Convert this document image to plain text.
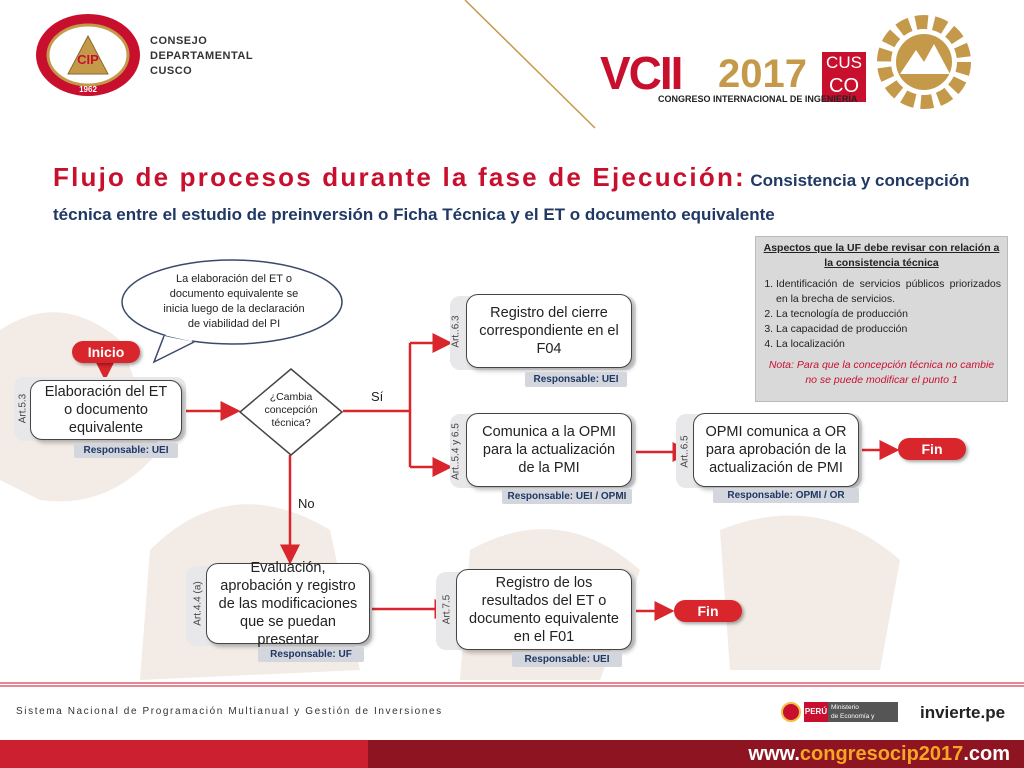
CIP
1962
CONSEJO
DEPARTAMENTAL
CUSCO	VCII 2017 CUS
CO
CONGRESO INTERNACIONAL DE INGENIERÍA
Flujo de procesos durante la fase de Ejecución: Consistencia y concepción
técnica entre el estudio de preinversión o Ficha Técnica y el ET o documento equivalente
La elaboración del ET o documento equivalente se inicia luego de la declaración de viabilidad del PI
Inicio
Art.5.3
Elaboración del ET o documento equivalente
Responsable: UEI
¿Cambia concepción técnica?
Sí
No
Art..6.3
Registro del cierre correspondiente en el F04
Responsable: UEI
Art..5.4 y 6.5	Comunica a la OPMI para la actualización de la PMI
Responsable: UEI / OPMI
Art..6.5
OPMI comunica a OR para aprobación de la actualización de PMI
Responsable: OPMI / OR
Fin
Art.4.4 (a)
Evaluación, aprobación y registro de las modificaciones que se puedan presentar
Responsable: UF
Art.7.5
Registro de los resultados del ET o documento equivalente en el F01
Responsable: UEI
Fin
Aspectos que la UF debe revisar con relación a la consistencia técnica
1. Identificación de servicios públicos priorizados en la brecha de servicios.
2. La tecnología de producción
3. La capacidad de producción
4. La localización
Nota: Para que la concepción técnica no cambie no se puede modificar el punto 1
Sistema Nacional de Programación Multianual y Gestión de Inversiones	PERÚ Ministerio
de Economía y Finanzas
invierte.pe
www.congresocip2017.com
